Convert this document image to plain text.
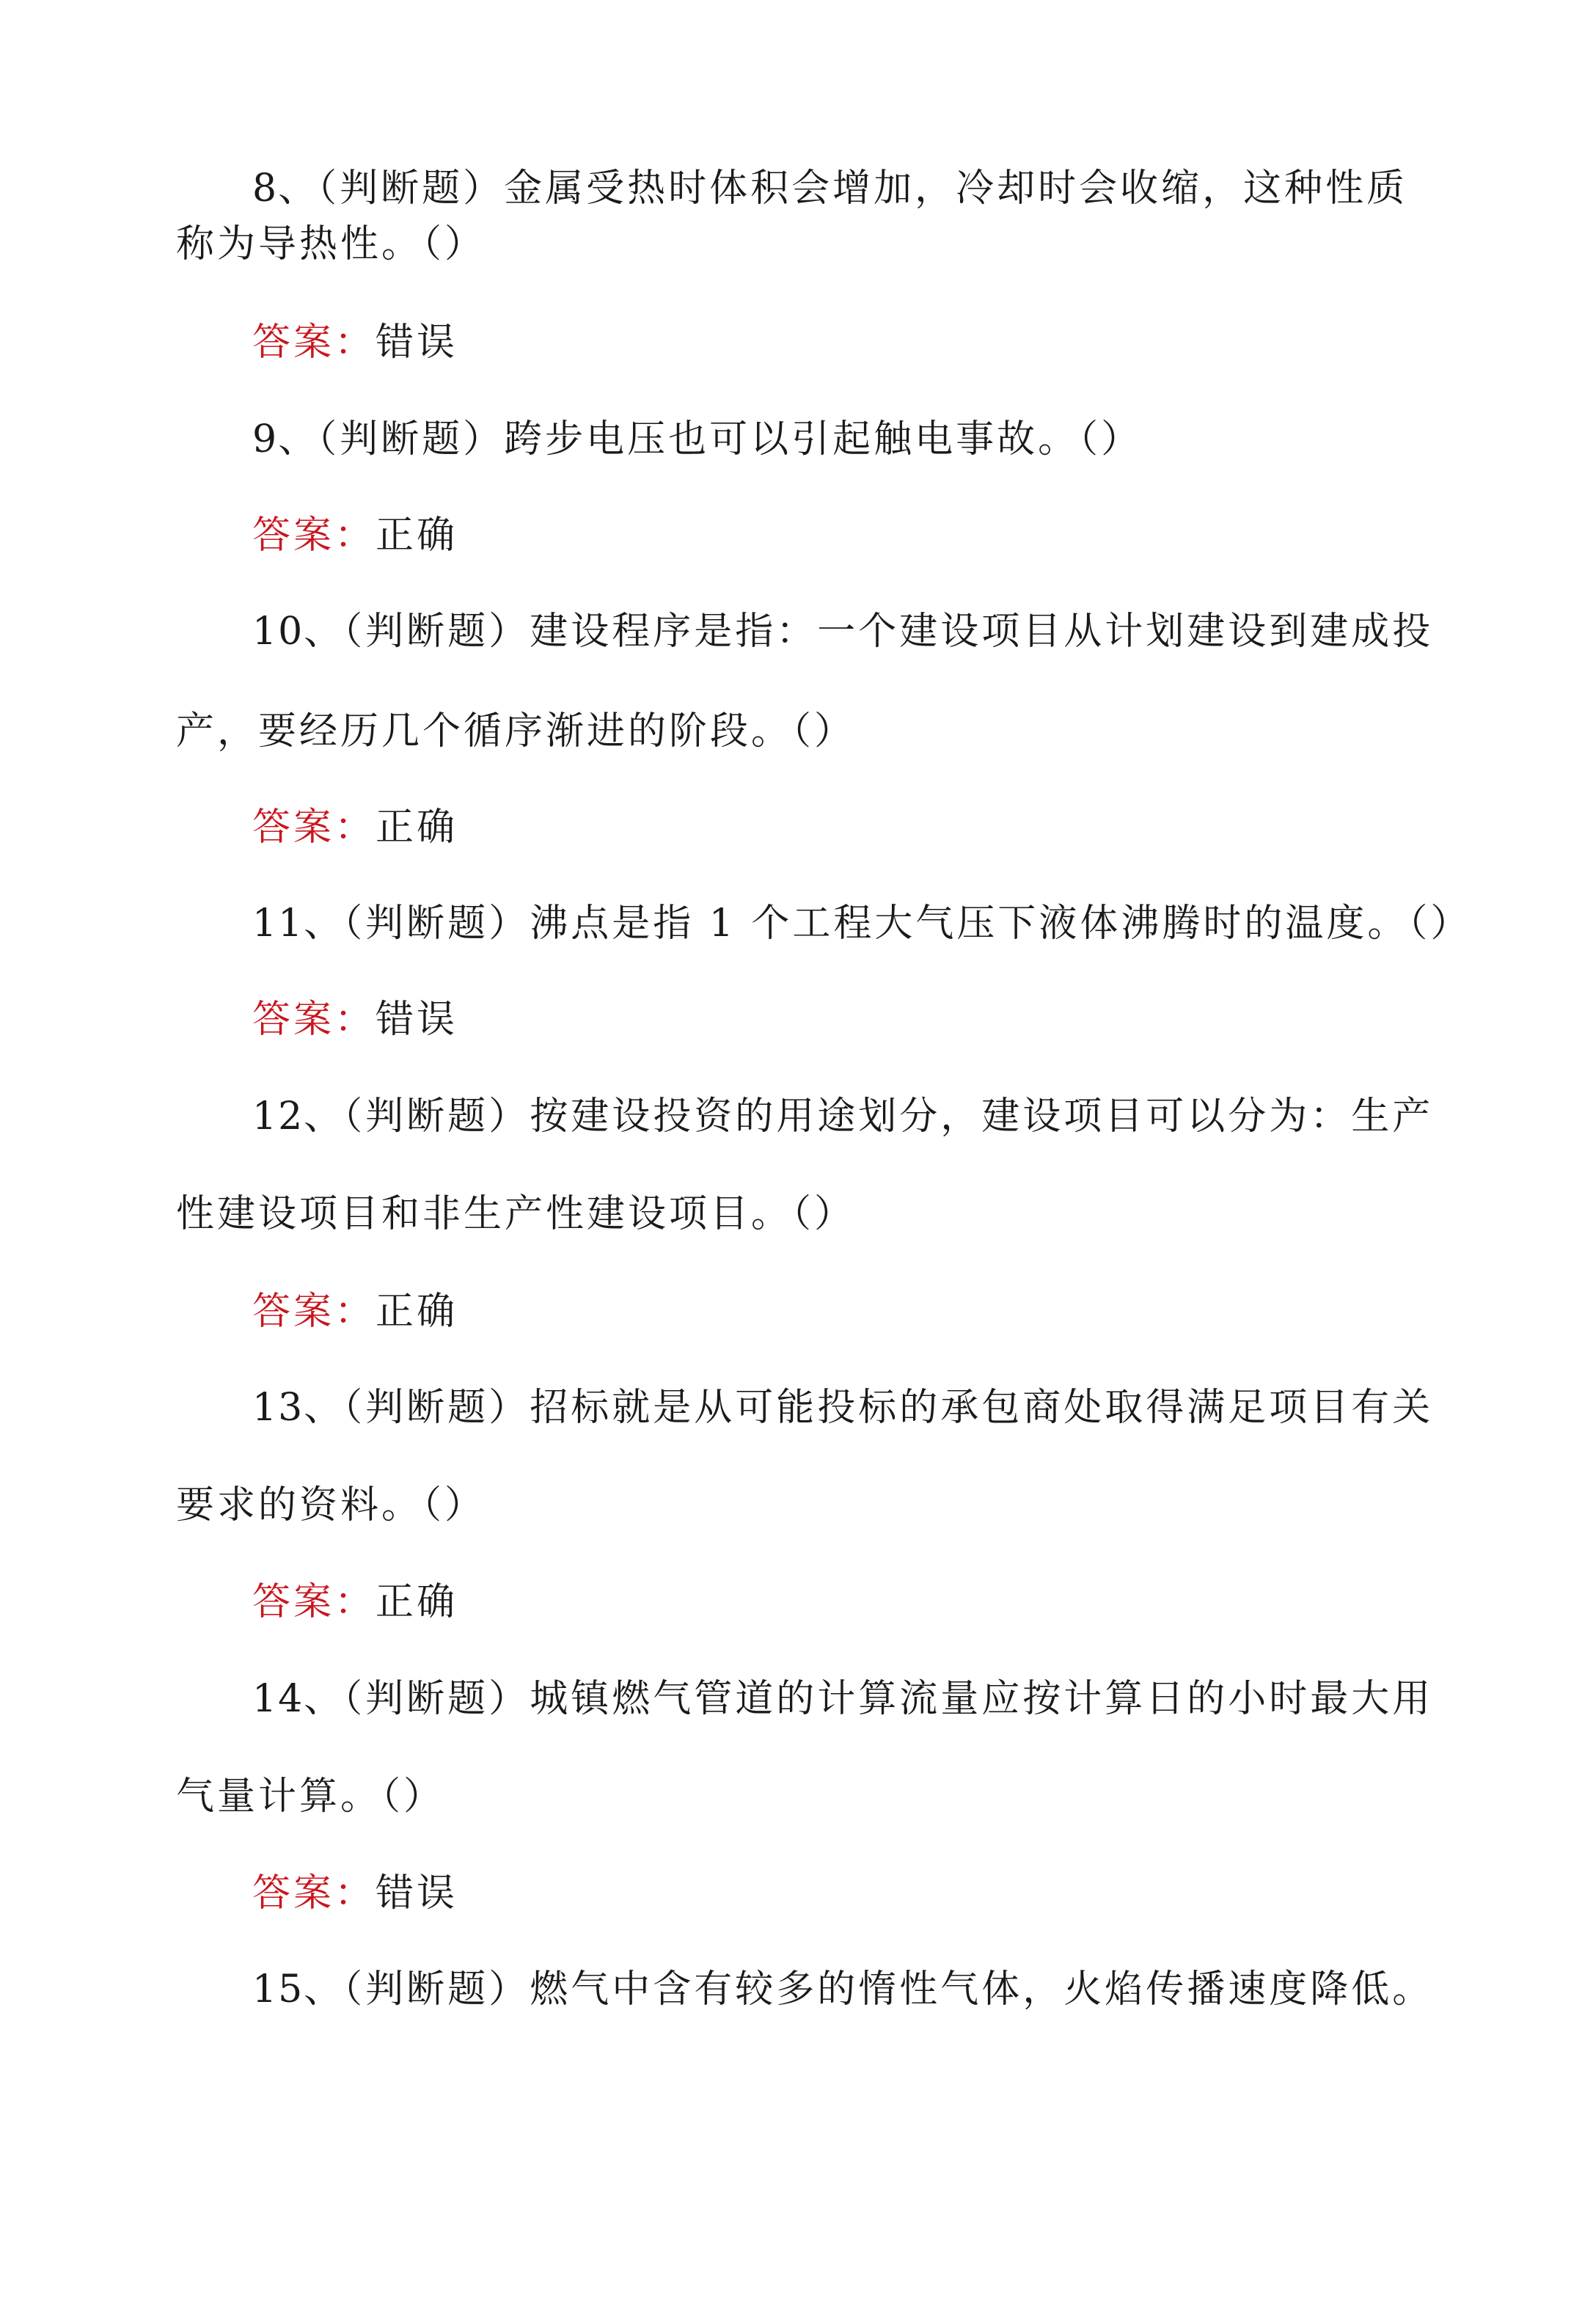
8、（判断题）金属受热时体积会增加，冷却时会收缩，这种性质
称为导热性。（）
答案：错误
9、（判断题）跨步电压也可以引起触电事故。（）
答案：正确
10、（判断题）建设程序是指：一个建设项目从计划建设到建成投
产，要经历几个循序渐进的阶段。（）
答案：正确
11、（判断题）沸点是指 1 个工程大气压下液体沸腾时的温度。（）
答案：错误
12、（判断题）按建设投资的用途划分，建设项目可以分为：生产
性建设项目和非生产性建设项目。（）
答案：正确
13、（判断题）招标就是从可能投标的承包商处取得满足项目有关
要求的资料。（）
答案：正确
14、（判断题）城镇燃气管道的计算流量应按计算日的小时最大用
气量计算。（）
答案：错误
15、（判断题）燃气中含有较多的惰性气体，火焰传播速度降低。
